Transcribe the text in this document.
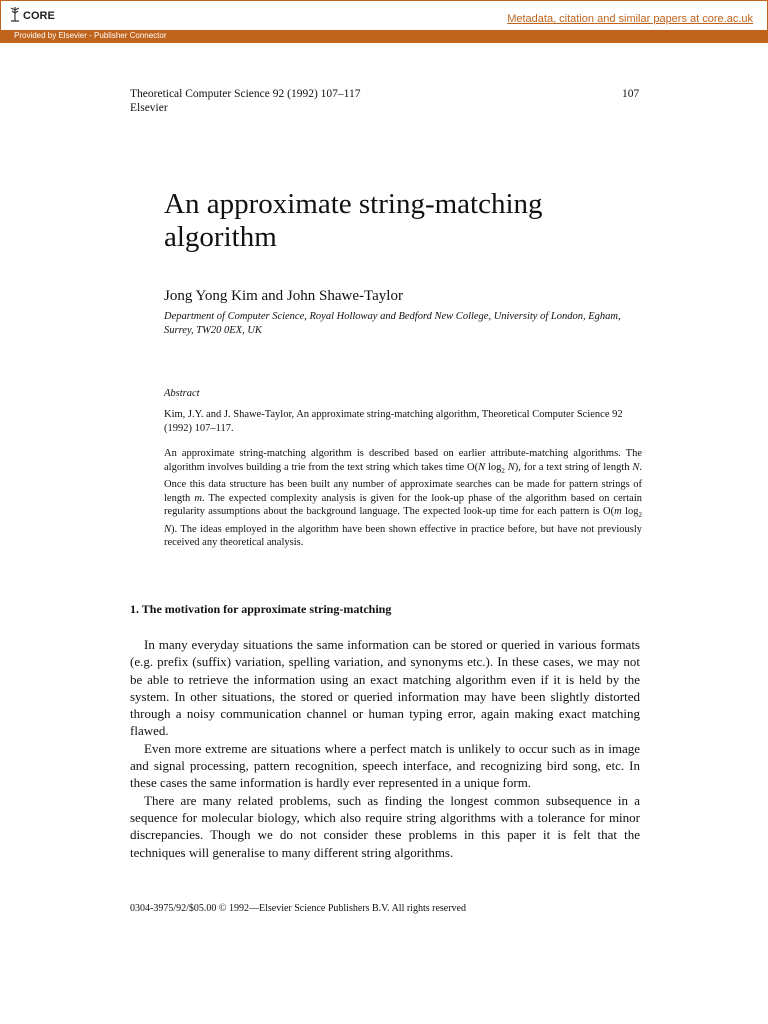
CORE	Metadata, citation and similar papers at core.ac.uk
Provided by Elsevier - Publisher Connector
Theoretical Computer Science 92 (1992) 107–117
Elsevier
107
An approximate string-matching algorithm
Jong Yong Kim and John Shawe-Taylor
Department of Computer Science, Royal Holloway and Bedford New College, University of London, Egham, Surrey, TW20 0EX, UK
Abstract
Kim, J.Y. and J. Shawe-Taylor, An approximate string-matching algorithm, Theoretical Computer Science 92 (1992) 107–117.
An approximate string-matching algorithm is described based on earlier attribute-matching algorithms. The algorithm involves building a trie from the text string which takes time O(N $\log_2 N$), for a text string of length N. Once this data structure has been built any number of approximate searches can be made for pattern strings of length m. The expected complexity analysis is given for the look-up phase of the algorithm based on certain regularity assumptions about the background language. The expected look-up time for each pattern is O(m $\log_2 N$). The ideas employed in the algorithm have been shown effective in practice before, but have not previously received any theoretical analysis.
1. The motivation for approximate string-matching

In many everyday situations the same information can be stored or queried in various formats (e.g. prefix (suffix) variation, spelling variation, and synonyms etc.). In these cases, we may not be able to retrieve the information using an exact matching algorithm even if it is held by the system. In other situations, the stored or queried information may have been slightly distorted through a noisy communication channel or human typing error, again making exact matching flawed.

Even more extreme are situations where a perfect match is unlikely to occur such as in image and signal processing, pattern recognition, speech interface, and recognizing bird song, etc. In these cases the same information is hardly ever represented in a unique form.

There are many related problems, such as finding the longest common subsequence in a sequence for molecular biology, which also require string algorithms with a tolerance for minor discrepancies. Though we do not consider these problems in this paper it is felt that the techniques will generalise to many different string algorithms.

0304-3975/92/$05.00 © 1992—Elsevier Science Publishers B.V. All rights reserved
